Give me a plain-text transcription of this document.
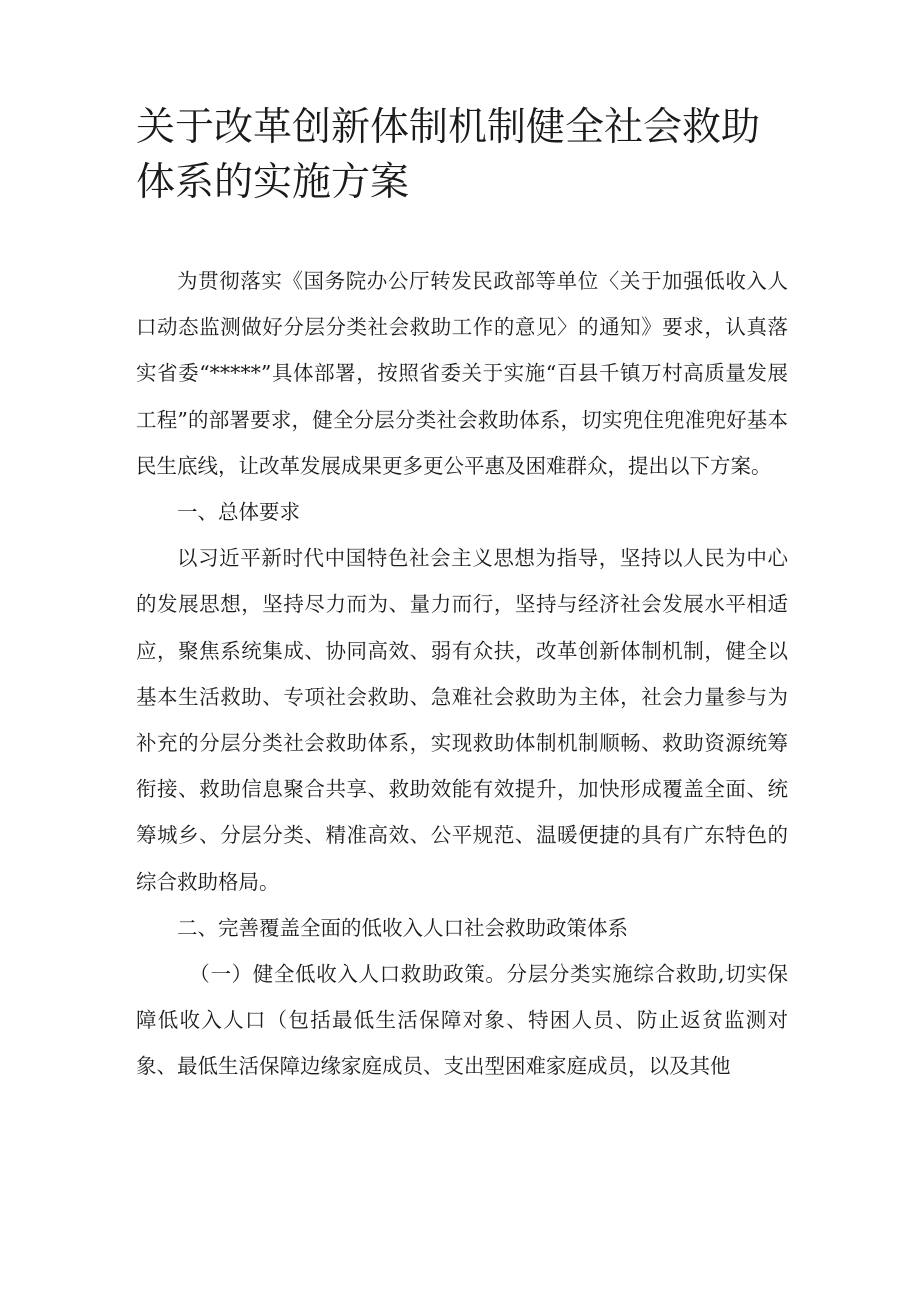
关于改革创新体制机制健全社会救助体系的实施方案

为贯彻落实《国务院办公厅转发民政部等单位〈关于加强低收入人口动态监测做好分层分类社会救助工作的意见〉的通知》要求，认真落实省委“*****”具体部署，按照省委关于实施“百县千镇万村高质量发展工程”的部署要求，健全分层分类社会救助体系，切实兜住兜准兜好基本民生底线，让改革发展成果更多更公平惠及困难群众，提出以下方案。

一、总体要求

以习近平新时代中国特色社会主义思想为指导，坚持以人民为中心的发展思想，坚持尽力而为、量力而行，坚持与经济社会发展水平相适应，聚焦系统集成、协同高效、弱有众扶，改革创新体制机制，健全以基本生活救助、专项社会救助、急难社会救助为主体，社会力量参与为补充的分层分类社会救助体系，实现救助体制机制顺畅、救助资源统筹衔接、救助信息聚合共享、救助效能有效提升，加快形成覆盖全面、统筹城乡、分层分类、精准高效、公平规范、温暖便捷的具有广东特色的综合救助格局。

二、完善覆盖全面的低收入人口社会救助政策体系

（一）健全低收入人口救助政策。分层分类实施综合救助,切实保障低收入人口（包括最低生活保障对象、特困人员、防止返贫监测对象、最低生活保障边缘家庭成员、支出型困难家庭成员，以及其他
